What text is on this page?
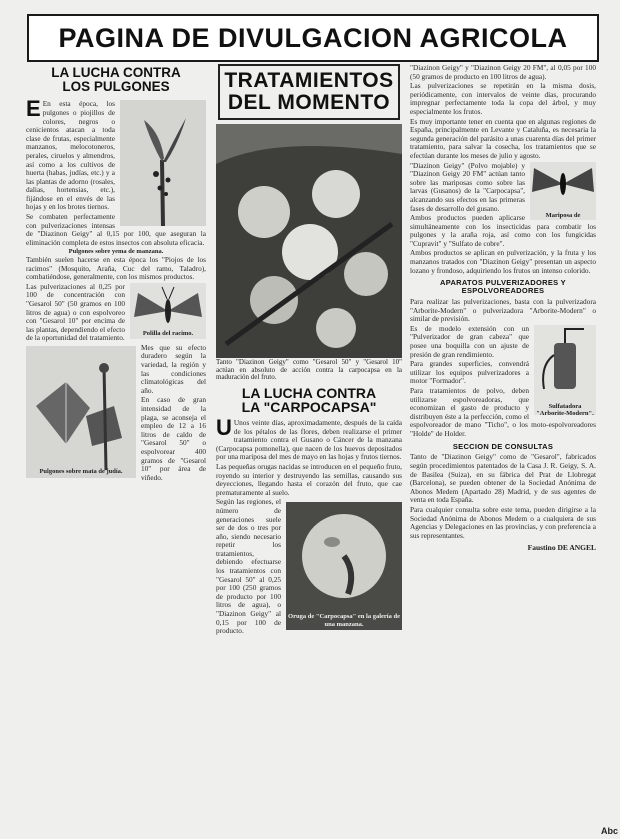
PAGINA DE DIVULGACION AGRICOLA
LA LUCHA CONTRA
LOS PULGONES

E En esta época, los pulgones o piojillos de colores, negros o cenicientos atacan a toda clase de frutas, especialmente manzanos, melocotoneros, perales, ciruelos y almendros, así como a los cultivos de huerta (habas, judías, etc.) y a las plantas de adorno (rosales, dalias, hortensias, etc.), fijándose en el envés de las hojas y en los brotes tiernos.

Se combaten perfectamente con pulverizaciones intensas de "Diazinon Geigy" al 0,15 por 100, que aseguran la eliminación completa de estos insectos con absoluta eficacia.

Pulgones sobre yema de manzana.

También suelen hacerse en esta época los "Piojos de los racimos" (Mosquito, Araña, Cuc del ramo, Taladro), combatiéndose, generalmente, con los mismos productos.

Polilla del racimo.

Las pulverizaciones al 0,25 por 100 de concentración con "Gesarol 50" (50 gramos en 100 litros de agua) o con espolvoreo con "Gesarol 10" por encima de las plantas, dependiendo el efecto de la oportunidad del tratamiento.

Pulgones sobre mata de judía.

Mes que su efecto duradero según la variedad, la región y las condiciones climatológicas del año.

En caso de gran intensidad de la plaga, se aconseja el empleo de 12 a 16 litros de caldo de "Gesarol 50" o espolvorear 400 gramos de "Gesarol 10" por área de viñedo.

TRATAMIENTOS
DEL MOMENTO
Tanto "Diazinon Geigy" como "Gesarol 50" y "Gesarol 10" actúan en absoluto de acción contra la carpocapsa en la maduración del fruto.
LA LUCHA CONTRA
LA "CARPOCAPSA"

U Unos veinte días, aproximadamente, después de la caída de los pétalos de las flores, deben realizarse el primer tratamiento contra el Gusano o Cáncer de la manzana (Carpocapsa pomonella), que nacen de los huevos depositados por una mariposa del mes de mayo en las hojas y frutos tiernos.

Las pequeñas orugas nacidas se introducen en el pequeño fruto, royendo su interior y destruyendo las semillas, causando sus deyecciones, llegando hasta el corazón del fruto, que cae prematuramente al suelo.

Oruga de "Carpocapsa" en la galería de una manzana.

Según las regiones, el número de generaciones suele ser de dos o tres por año, siendo necesario repetir los tratamientos, debiendo efectuarse los tratamientos con "Gesarol 50" al 0,25 por 100 (250 gramos de producto por 100 litros de agua), o "Diazinon Geigy" al 0,15 por 100 de producto.

"Diazinon Geigy" y "Diazinon Geigy 20 FM", al 0,05 por 100 (50 gramos de producto en 100 litros de agua).

Las pulverizaciones se repetirán en la misma dosis, periódicamente, con intervalos de veinte días, procurando impregnar perfectamente toda la copa del árbol, y muy especialmente los frutos.

Es muy importante tener en cuenta que en algunas regiones de España, principalmente en Levante y Cataluña, es necesaria la segunda generación del parásito a unas cuarenta días del primer tratamiento, para salvar la cosecha, los tratamientos que se efectúan durante los meses de julio y agosto.

Mariposa de

"Diazinon Geigy" (Polvo mojable) y "Diazinon Geigy 20 FM" actúan tanto sobre las mariposas como sobre las larvas (Gusanos) de la "Carpocapsa", alcanzando sus efectos en las primeras fases de desarrollo del gusano.

Ambos productos pueden aplicarse simultáneamente con los insecticidas para combatir los pulgones y la araña roja, así como con los fungicidas "Cupravit" y "Sulfato de cobre".

Ambos productos se aplican en pulverización, y la fruta y los manzanos tratados con "Diazinon Geigy" presentan un aspecto lozano y frondoso, adquiriendo los frutos un intenso colorido.

APARATOS PULVERIZADORES Y ESPOLVOREADORES

Para realizar las pulverizaciones, basta con la pulverizadora "Arborite-Modern" o pulverizadora "Arborite-Modern" o similar de previsión.

Sulfatadora "Arborite-Modern".

Es de modelo extensión con un "Pulverizador de gran cabeza" que posee una boquilla con un ajuste de presión de gran rendimiento.

Para grandes superficies, convendrá utilizar los equipos pulverizadores a motor "Formador".

Para tratamientos de polvo, deben utilizarse espolvoreadoras, que economizan el gasto de producto y distribuyen éste a la perfección, como el espolvoreador de mano "Ticho", o los moto-espolvoreadores "Holde" de Holder.

SECCION DE CONSULTAS

Tanto de "Diazinon Geigy" como de "Gesarol", fabricados según procedimientos patentados de la Casa J. R. Geigy, S. A. de Basilea (Suiza), en su fábrica del Prat de Llobregat (Barcelona), se pueden obtener de la Sociedad Anónima de Abonos Medem (Apartado 28) Madrid, y de sus agentes de venta en toda España.

Para cualquier consulta sobre este tema, pueden dirigirse a la Sociedad Anónima de Abonos Medem o a cualquiera de sus Agencias y Delegaciones en las provincias, y con preferencia a sus representantes.

Faustino DE ANGEL
Abc
